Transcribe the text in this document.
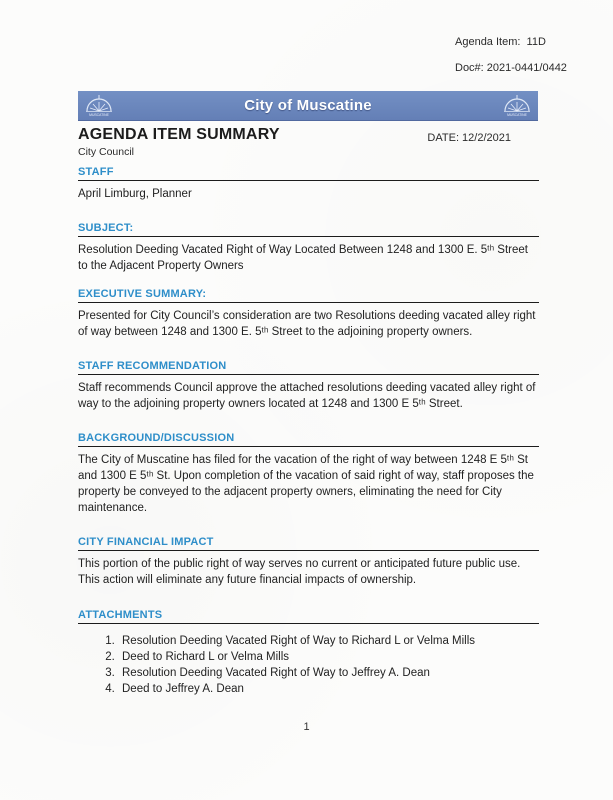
Agenda Item:  11D
Doc#: 2021-0441/0442
MUSCATINE
City of Muscatine
MUSCATINE
AGENDA ITEM SUMMARY	DATE: 12/2/2021
City Council
STAFF

April Limburg, Planner

SUBJECT:

Resolution Deeding Vacated Right of Way Located Between 1248 and 1300 E. 5ᵗʰ Street to the Adjacent Property Owners

EXECUTIVE SUMMARY:

Presented for City Council’s consideration are two Resolutions deeding vacated alley right of way between 1248 and 1300 E. 5ᵗʰ Street to the adjoining property owners.

STAFF RECOMMENDATION

Staff recommends Council approve the attached resolutions deeding vacated alley right of way to the adjoining property owners located at 1248 and 1300 E 5ᵗʰ Street.

BACKGROUND/DISCUSSION

The City of Muscatine has filed for the vacation of the right of way between 1248 E 5ᵗʰ St and 1300 E 5ᵗʰ St. Upon completion of the vacation of said right of way, staff proposes the property be conveyed to the adjacent property owners, eliminating the need for City maintenance.

CITY FINANCIAL IMPACT

This portion of the public right of way serves no current or anticipated future public use. This action will eliminate any future financial impacts of ownership.

ATTACHMENTS
1. Resolution Deeding Vacated Right of Way to Richard L or Velma Mills
2. Deed to Richard L or Velma Mills
3. Resolution Deeding Vacated Right of Way to Jeffrey A. Dean
4. Deed to Jeffrey A. Dean
1
